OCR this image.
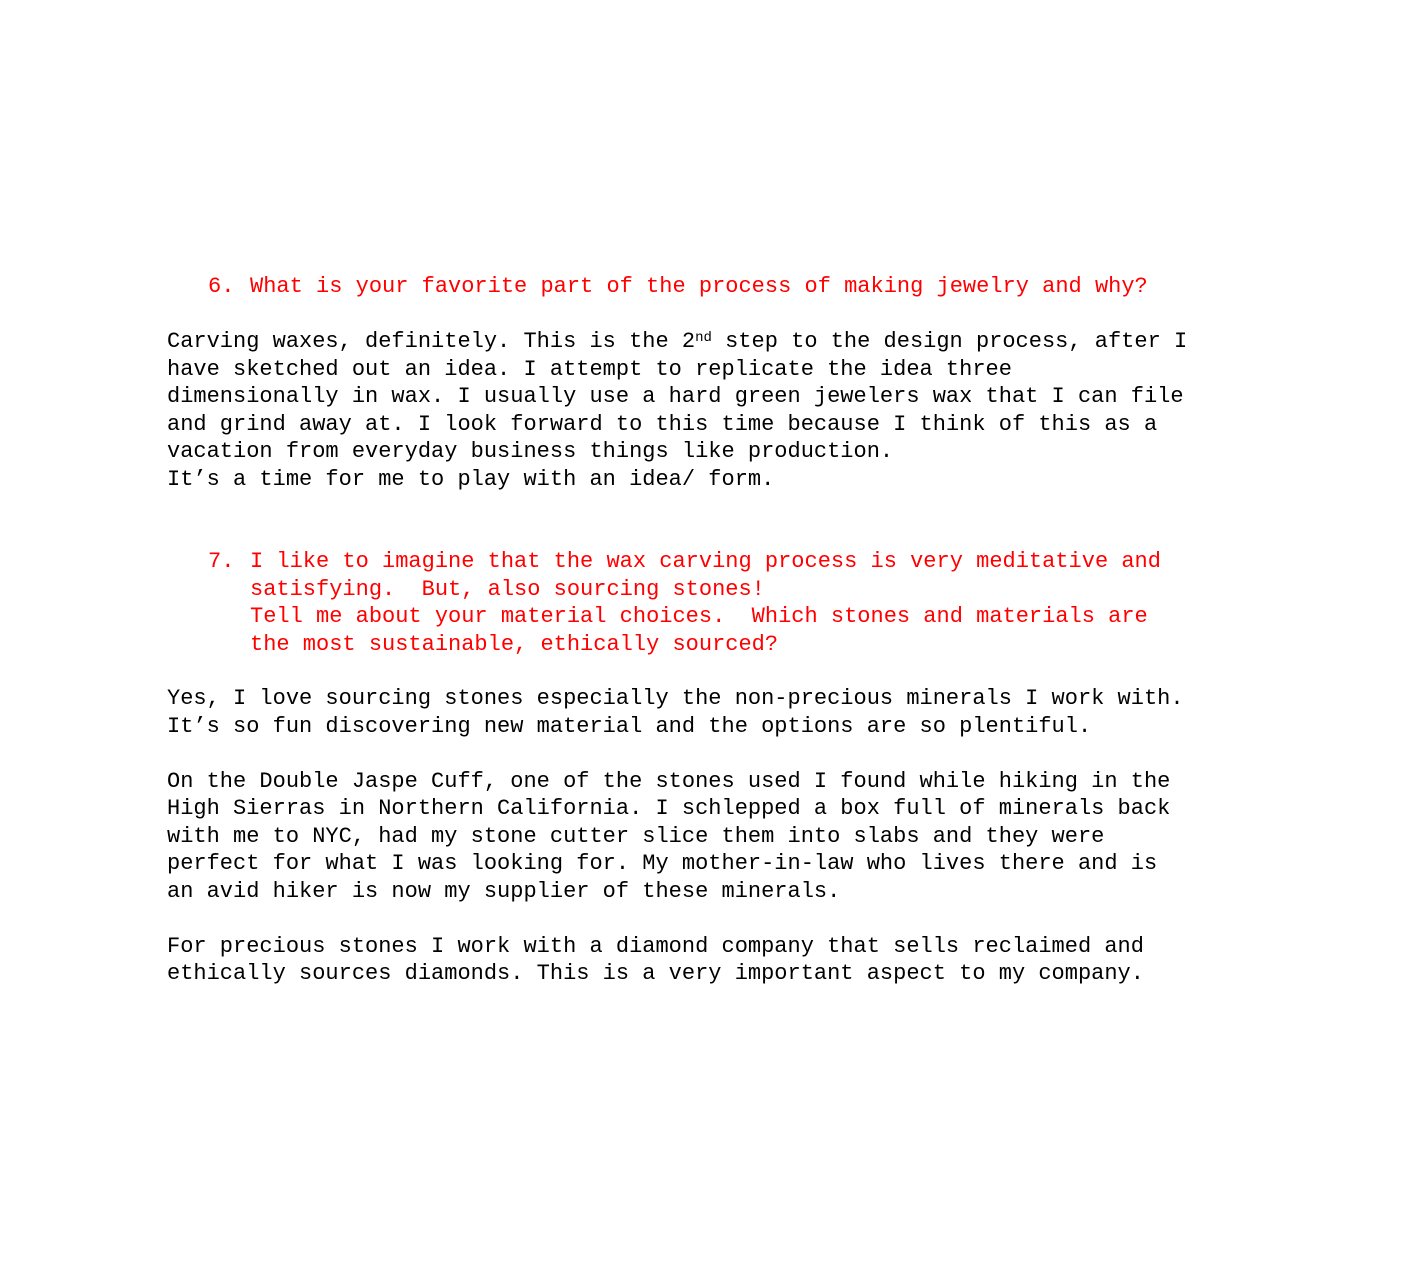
6. What is your favorite part of the process of making jewelry and why?
Carving waxes, definitely. This is the 2nd step to the design process, after I
have sketched out an idea. I attempt to replicate the idea three
dimensionally in wax. I usually use a hard green jewelers wax that I can file
and grind away at. I look forward to this time because I think of this as a
vacation from everyday business things like production.
It’s a time for me to play with an idea/ form.
7. I like to imagine that the wax carving process is very meditative and
satisfying.  But, also sourcing stones!
Tell me about your material choices.  Which stones and materials are
the most sustainable, ethically sourced?
Yes, I love sourcing stones especially the non-precious minerals I work with.
It’s so fun discovering new material and the options are so plentiful.
On the Double Jaspe Cuff, one of the stones used I found while hiking in the
High Sierras in Northern California. I schlepped a box full of minerals back
with me to NYC, had my stone cutter slice them into slabs and they were
perfect for what I was looking for. My mother-in-law who lives there and is
an avid hiker is now my supplier of these minerals.
For precious stones I work with a diamond company that sells reclaimed and
ethically sources diamonds. This is a very important aspect to my company.
